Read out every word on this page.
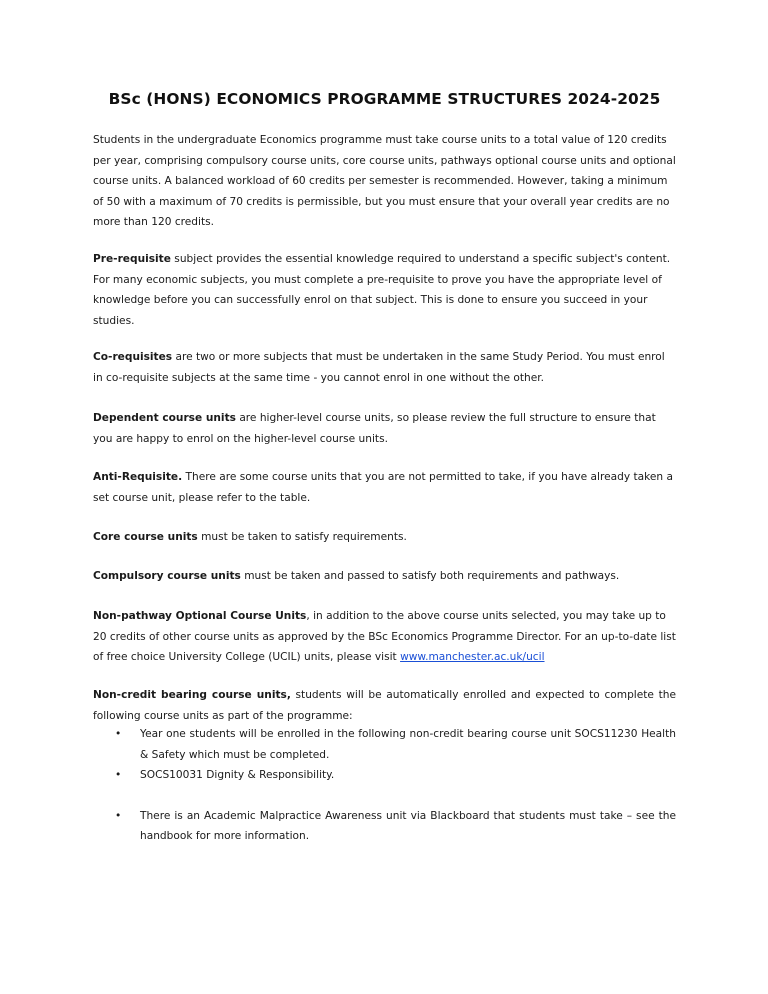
BSc (HONS) ECONOMICS PROGRAMME STRUCTURES 2024-2025

Students in the undergraduate Economics programme must take course units to a total value of 120 credits per year, comprising compulsory course units, core course units, pathways optional course units and optional course units. A balanced workload of 60 credits per semester is recommended. However, taking a minimum of 50 with a maximum of 70 credits is permissible, but you must ensure that your overall year credits are no more than 120 credits.

Pre-requisite subject provides the essential knowledge required to understand a specific subject's content. For many economic subjects, you must complete a pre-requisite to prove you have the appropriate level of knowledge before you can successfully enrol on that subject. This is done to ensure you succeed in your studies.

Co-requisites are two or more subjects that must be undertaken in the same Study Period. You must enrol in co-requisite subjects at the same time - you cannot enrol in one without the other.

Dependent course units are higher-level course units, so please review the full structure to ensure that you are happy to enrol on the higher-level course units.

Anti-Requisite. There are some course units that you are not permitted to take, if you have already taken a set course unit, please refer to the table.

Core course units must be taken to satisfy requirements.

Compulsory course units must be taken and passed to satisfy both requirements and pathways.

Non-pathway Optional Course Units, in addition to the above course units selected, you may take up to 20 credits of other course units as approved by the BSc Economics Programme Director. For an up-to-date list of free choice University College (UCIL) units, please visit www.manchester.ac.uk/ucil

Non-credit bearing course units, students will be automatically enrolled and expected to complete the following course units as part of the programme:

• Year one students will be enrolled in the following non-credit bearing course unit SOCS11230 Health & Safety which must be completed.
• SOCS10031 Dignity & Responsibility.
• There is an Academic Malpractice Awareness unit via Blackboard that students must take – see the handbook for more information.
